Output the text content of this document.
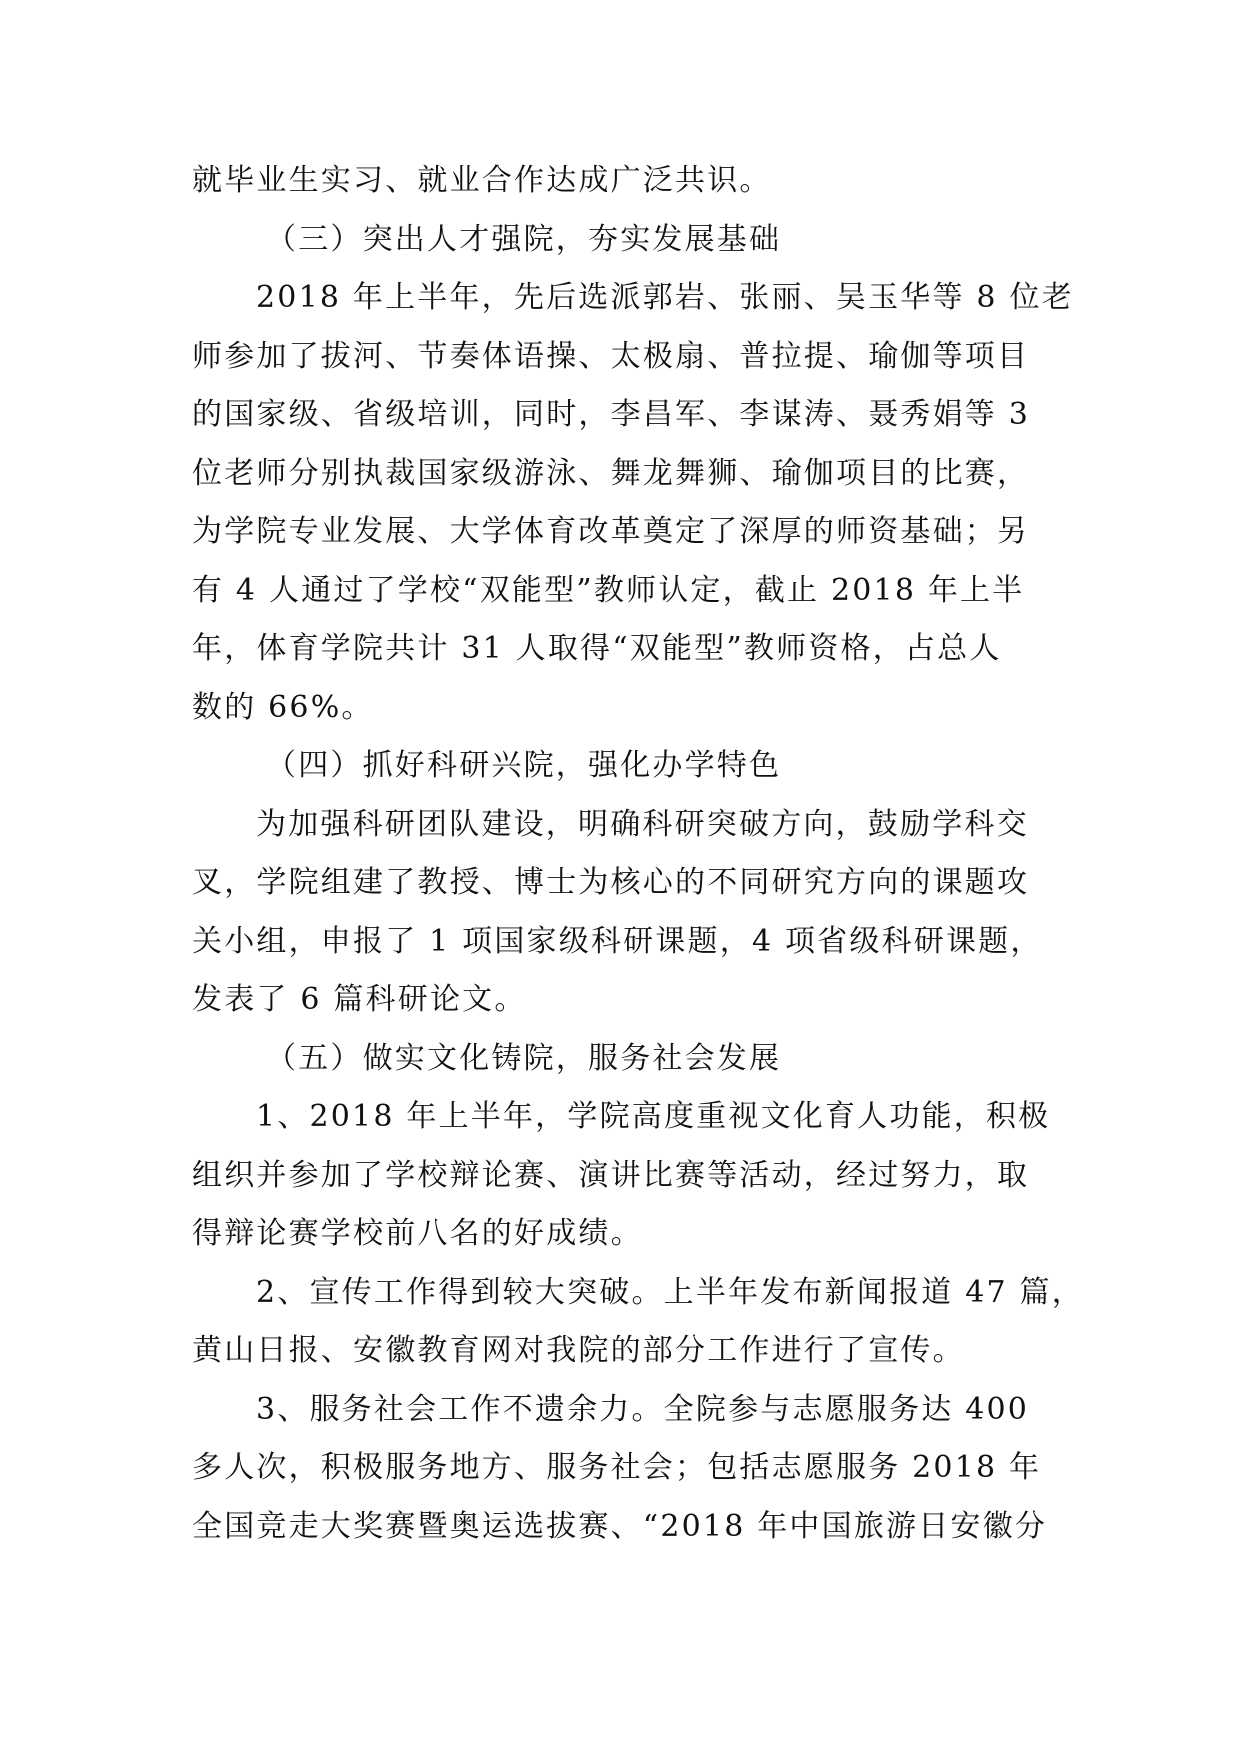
就毕业生实习、就业合作达成广泛共识。
（三）突出人才强院，夯实发展基础
2018 年上半年，先后选派郭岩、张丽、吴玉华等 8 位老
师参加了拔河、节奏体语操、太极扇、普拉提、瑜伽等项目
的国家级、省级培训，同时，李昌军、李谋涛、聂秀娟等 3
位老师分别执裁国家级游泳、舞龙舞狮、瑜伽项目的比赛，
为学院专业发展、大学体育改革奠定了深厚的师资基础；另
有 4 人通过了学校“双能型”教师认定，截止 2018 年上半
年，体育学院共计 31 人取得“双能型”教师资格，占总人
数的 66%。
（四）抓好科研兴院，强化办学特色
为加强科研团队建设，明确科研突破方向，鼓励学科交
叉，学院组建了教授、博士为核心的不同研究方向的课题攻
关小组，申报了 1 项国家级科研课题，4 项省级科研课题，
发表了 6 篇科研论文。
（五）做实文化铸院，服务社会发展
1、2018 年上半年，学院高度重视文化育人功能，积极
组织并参加了学校辩论赛、演讲比赛等活动，经过努力，取
得辩论赛学校前八名的好成绩。
2、宣传工作得到较大突破。上半年发布新闻报道 47 篇，
黄山日报、安徽教育网对我院的部分工作进行了宣传。
3、服务社会工作不遗余力。全院参与志愿服务达 400
多人次，积极服务地方、服务社会；包括志愿服务 2018 年
全国竞走大奖赛暨奥运选拔赛、“2018 年中国旅游日安徽分
